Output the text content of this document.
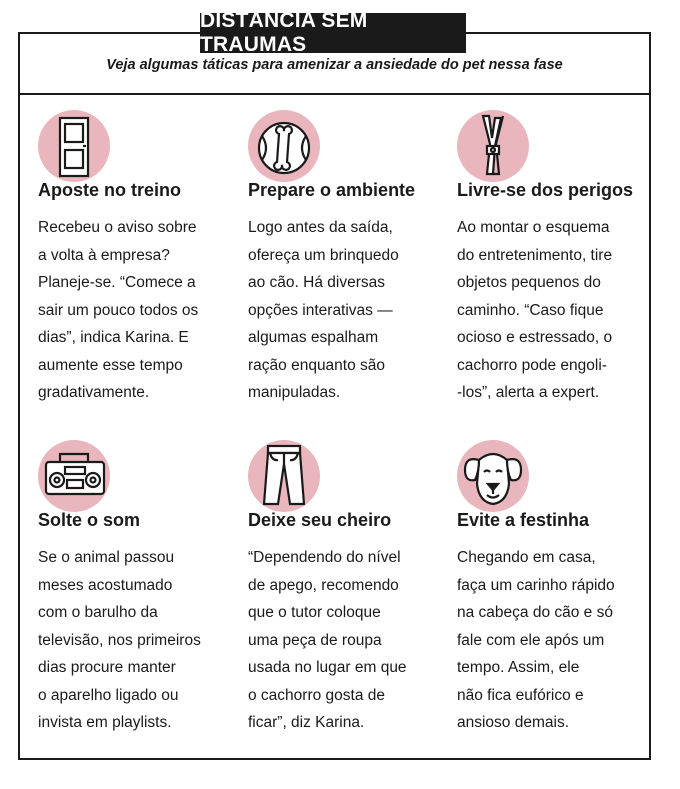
DISTÂNCIA SEM TRAUMAS
Veja algumas táticas para amenizar a ansiedade do pet nessa fase
Aposte no treino

Recebeu o aviso sobre
a volta à empresa?
Planeje-se. “Comece a
sair um pouco todos os
dias”, indica Karina. E
aumente esse tempo
gradativamente.

Prepare o ambiente

Logo antes da saída,
ofereça um brinquedo
ao cão. Há diversas
opções interativas —
algumas espalham
ração enquanto são
manipuladas.

Livre-se dos perigos

Ao montar o esquema
do entretenimento, tire
objetos pequenos do
caminho. “Caso fique
ocioso e estressado, o
cachorro pode engoli-
-los”, alerta a expert.

Solte o som

Se o animal passou
meses acostumado
com o barulho da
televisão, nos primeiros
dias procure manter
o aparelho ligado ou
invista em playlists.

Deixe seu cheiro

“Dependendo do nível
de apego, recomendo
que o tutor coloque
uma peça de roupa
usada no lugar em que
o cachorro gosta de
ficar”, diz Karina.

Evite a festinha

Chegando em casa,
faça um carinho rápido
na cabeça do cão e só
fale com ele após um
tempo. Assim, ele
não fica eufórico e
ansioso demais.
